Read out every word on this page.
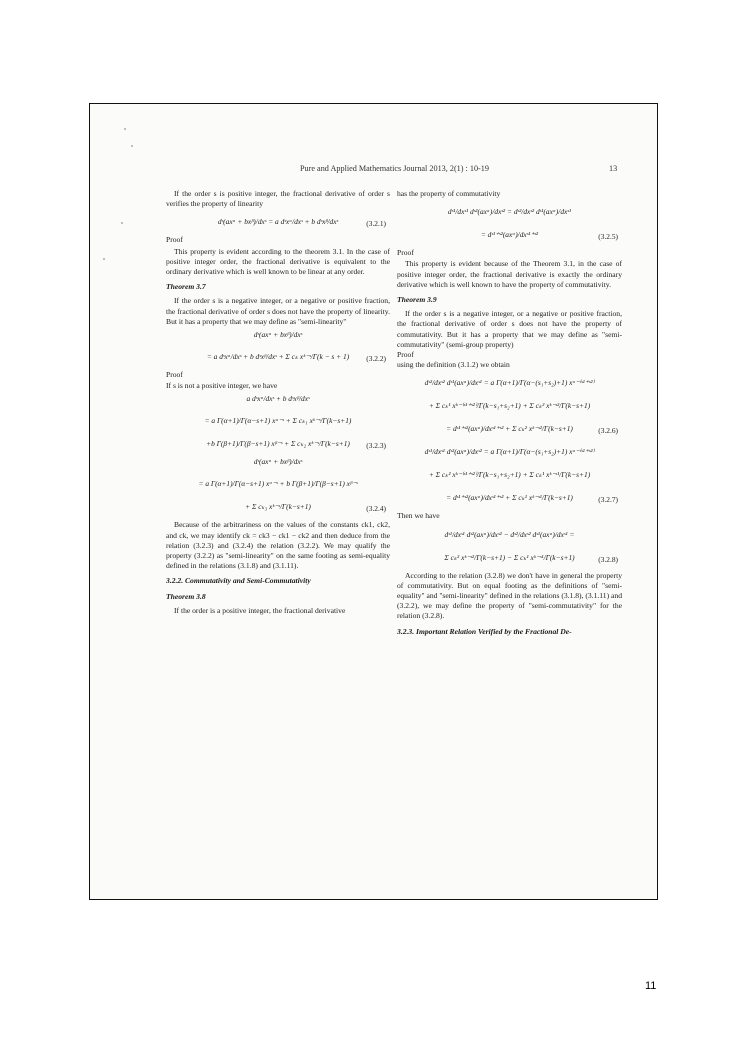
Pure and Applied Mathematics Journal 2013, 2(1) : 10-19	13

If the order s is positive integer, the fractional derivative of order s verifies the property of linearity

dˢ(axᵅ + bxᵝ)/dxˢ = a dˢxᵅ/dxˢ + b dˢxᵝ/dxˢ	(3.2.1)

Proof

This property is evident according to the theorem 3.1. In the case of positive integer order, the fractional derivative is equivalent to the ordinary derivative which is well known to be linear at any order.

Theorem 3.7

If the order s is a negative integer, or a negative or positive fraction, the fractional derivative of order s does not have the property of linearity. But it has a property that we may define as "semi-linearity"

dˢ(axᵅ + bxᵝ)/dxˢ
= a dˢxᵅ/dxˢ + b dˢxᵝ/dxˢ + Σ cₖ xᵏ⁻ˢ/Γ(k − s + 1) (3.2.2)

Proof

If s is not a positive integer, we have

a dˢxᵅ/dxˢ + b dˢxᵝ/dxˢ
= a Γ(α+1)/Γ(α−s+1) xᵅ⁻ˢ + Σ cₖ₁ xᵏ⁻ˢ/Γ(k−s+1)
+b Γ(β+1)/Γ(β−s+1) xᵝ⁻ˢ + Σ cₖ₂ xᵏ⁻ˢ/Γ(k−s+1) (3.2.3)
dˢ(axᵅ + bxᵝ)/dxˢ
= a Γ(α+1)/Γ(α−s+1) xᵅ⁻ˢ + b Γ(β+1)/Γ(β−s+1) xᵝ⁻ˢ
+ Σ cₖ₃ xᵏ⁻ˢ/Γ(k−s+1)	(3.2.4)

Because of the arbitrariness on the values of the constants ck1, ck2, and ck, we may identify ck = ck3 − ck1 − ck2 and then deduce from the relation (3.2.3) and (3.2.4) the relation (3.2.2). We may qualify the property (3.2.2) as "semi-linearity" on the same footing as semi-equality defined in the relations (3.1.8) and (3.1.11).

3.2.2. Commutativity and Semi-Commutativity

Theorem 3.8

If the order is a positive integer, the fractional derivative

has the property of commutativity

dˢ¹/dxˢ¹ dˢ²(axᵅ)/dxˢ² = dˢ²/dxˢ² dˢ¹(axᵅ)/dxˢ¹
= dˢ¹⁺ˢ²(axᵅ)/dxˢ¹⁺ˢ²	(3.2.5)

Proof

This property is evident because of the Theorem 3.1, in the case of positive integer order, the fractional derivative is exactly the ordinary derivative which is well known to have the property of commutativity.

Theorem 3.9

If the order s is a negative integer, or a negative or positive fraction, the fractional derivative of order s does not have the property of commutativity. But it has a property that we may define as "semi-commutativity" (semi-group property)

Proof

using the definition (3.1.2) we obtain

dˢ²/dxˢ² dˢ¹(axᵅ)/dxˢ¹ = a Γ(α+1)/Γ(α−(s₁+s₂)+1) xᵅ⁻⁽ˢ¹⁺ˢ²⁾
+ Σ cₖ¹ xᵏ⁻⁽ˢ¹⁺ˢ²⁾/Γ(k−s₁+s₂+1) + Σ cₖ² xᵏ⁻ˢ²/Γ(k−s+1)
= dˢ¹⁺ˢ²(axᵅ)/dxˢ¹⁺ˢ² + Σ cₖ² xᵏ⁻ˢ²/Γ(k−s+1)	(3.2.6)
dˢ¹/dxˢ¹ dˢ²(axᵅ)/dxˢ² = a Γ(α+1)/Γ(α−(s₁+s₂)+1) xᵅ⁻⁽ˢ¹⁺ˢ²⁾
+ Σ cₖ² xᵏ⁻⁽ˢ¹⁺ˢ²⁾/Γ(k−s₁+s₂+1) + Σ cₖ¹ xᵏ⁻ˢ¹/Γ(k−s+1)
= dˢ¹⁺ˢ²(axᵅ)/dxˢ¹⁺ˢ² + Σ cₖ¹ xᵏ⁻ˢ¹/Γ(k−s+1)	(3.2.7)

Then we have

dˢ¹/dxˢ¹ dˢ²(axᵅ)/dxˢ² − dˢ²/dxˢ² dˢ¹(axᵅ)/dxˢ¹ =
Σ cₖ² xᵏ⁻ˢ²/Γ(k−s+1) − Σ cₖ¹ xᵏ⁻ˢ¹/Γ(k−s+1)	(3.2.8)

According to the relation (3.2.8) we don't have in general the property of commutativity. But on equal footing as the definitions of "semi-equality" and "semi-linearity" defined in the relations (3.1.8), (3.1.11) and (3.2.2), we may define the property of "semi-commutativity" for the relation (3.2.8).

3.2.3. Important Relation Verified by the Fractional De-

11
